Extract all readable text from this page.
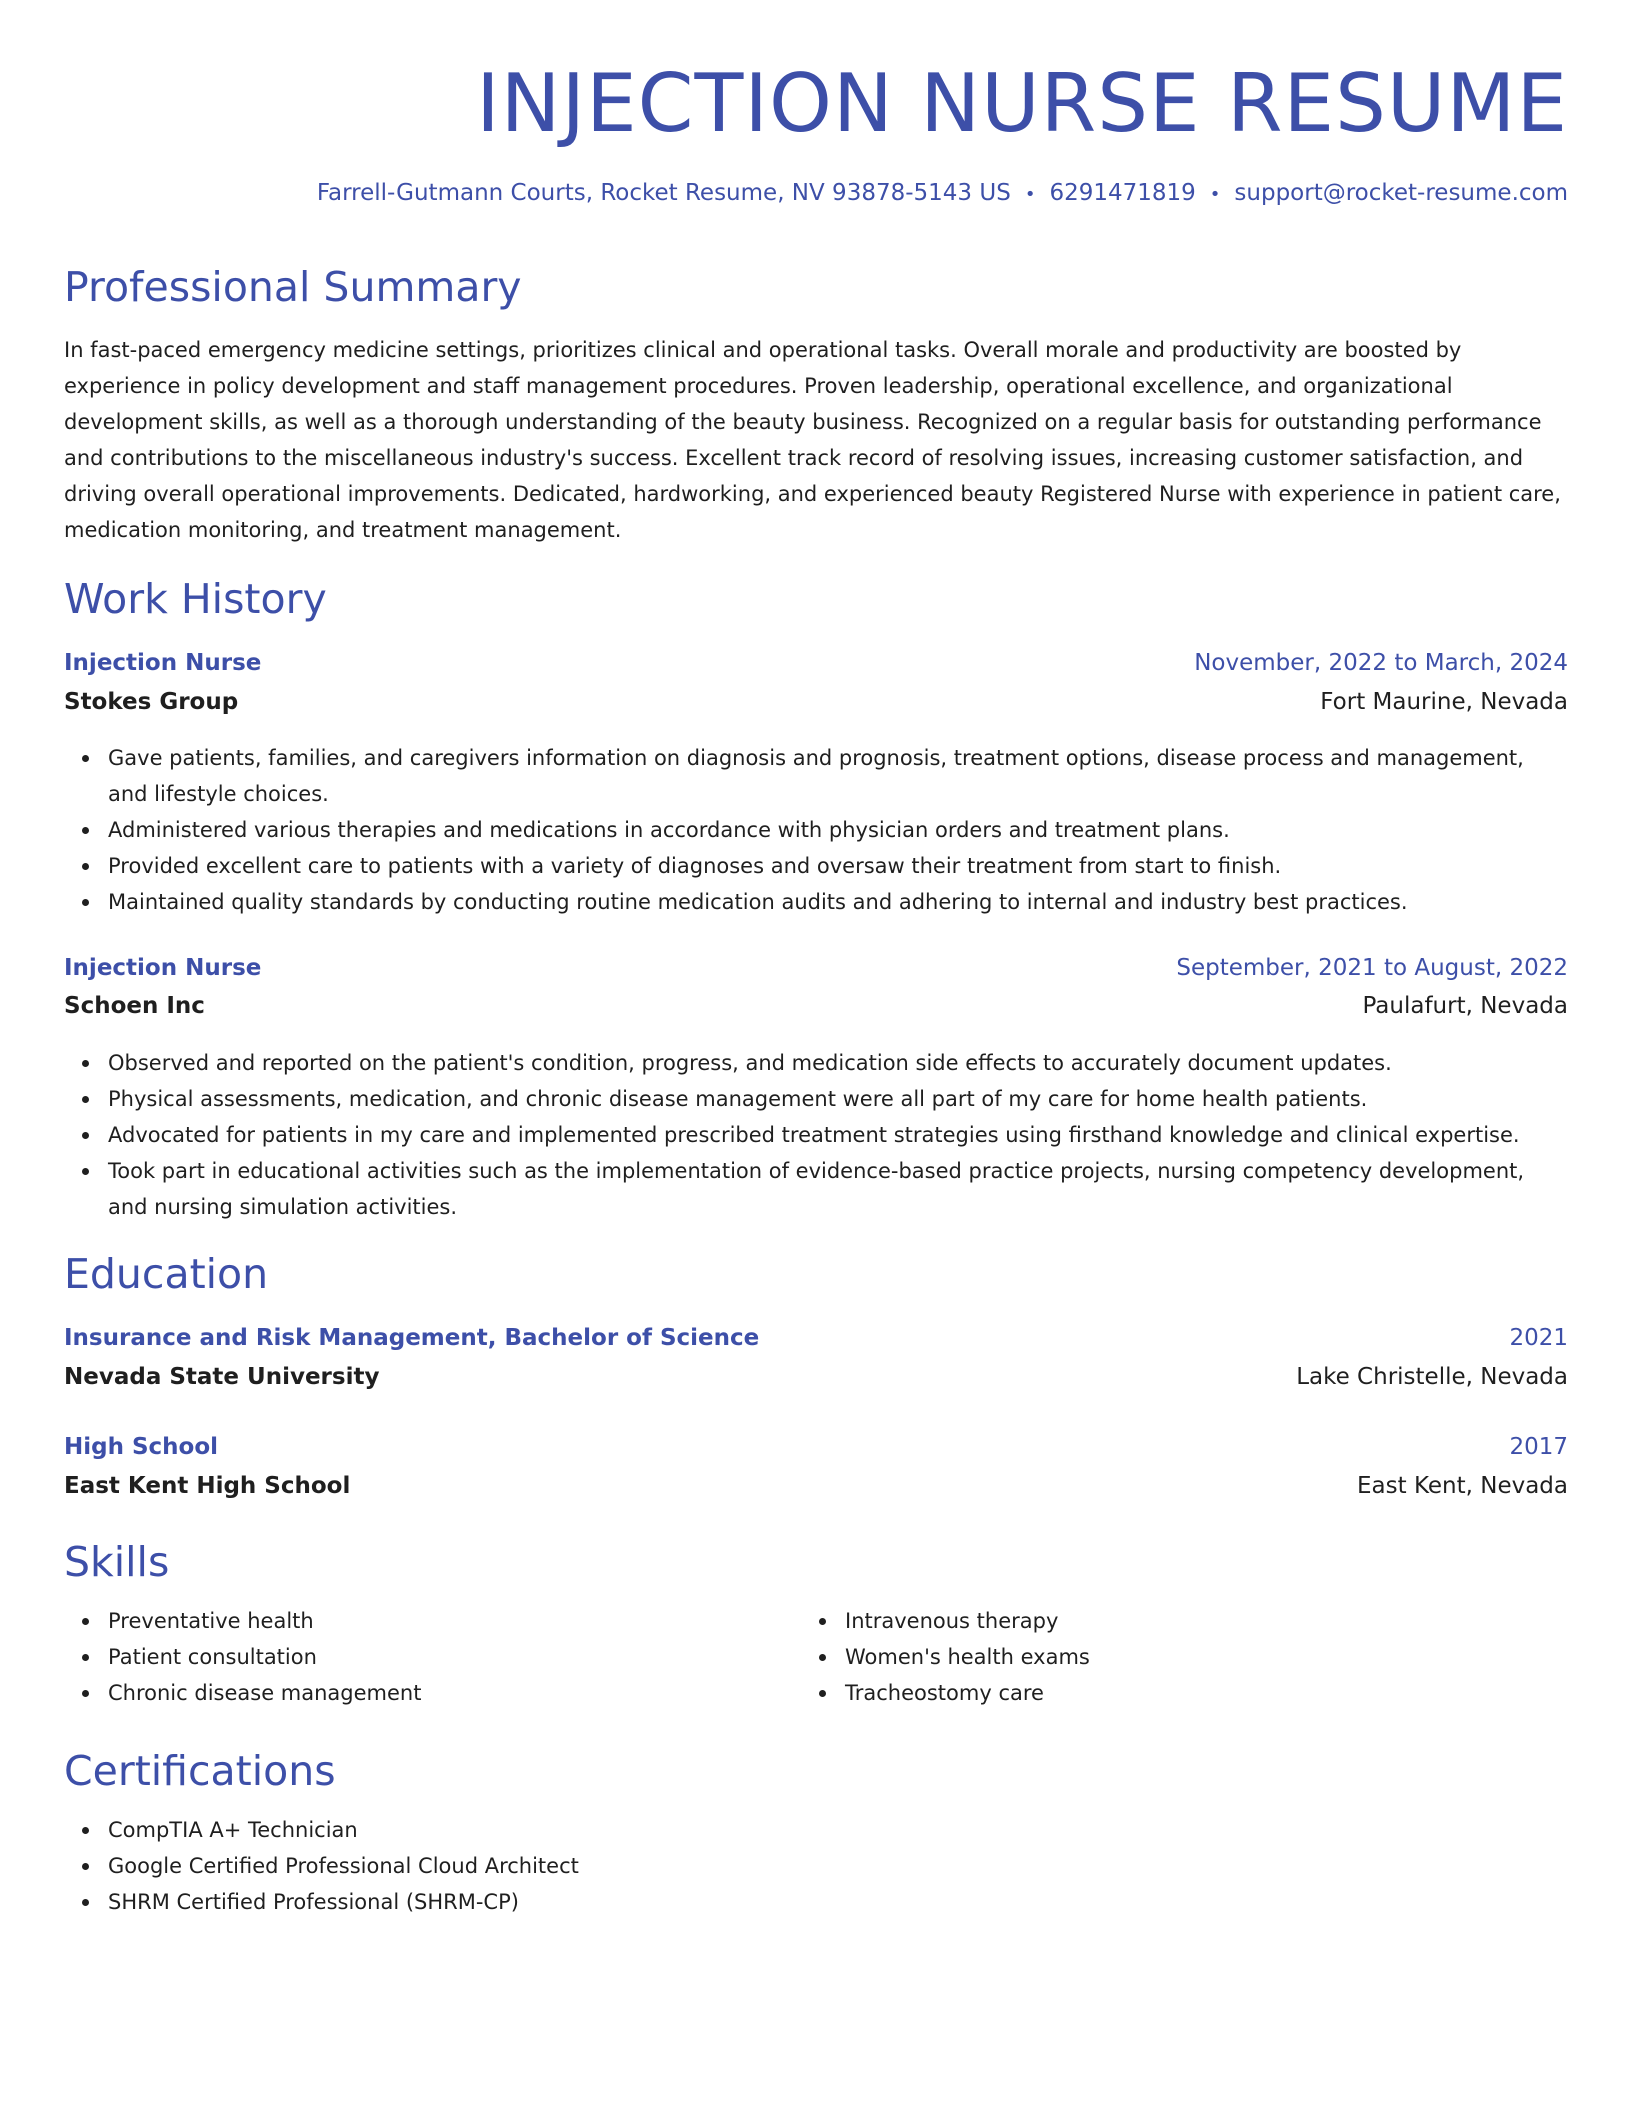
INJECTION NURSE RESUME
Farrell-Gutmann Courts, Rocket Resume, NV 93878-5143 US • 6291471819 • support@rocket-resume.com
Professional Summary

In fast-paced emergency medicine settings, prioritizes clinical and operational tasks. Overall morale and productivity are boosted by experience in policy development and staff management procedures. Proven leadership, operational excellence, and organizational development skills, as well as a thorough understanding of the beauty business. Recognized on a regular basis for outstanding performance and contributions to the miscellaneous industry's success. Excellent track record of resolving issues, increasing customer satisfaction, and driving overall operational improvements. Dedicated, hardworking, and experienced beauty Registered Nurse with experience in patient care, medication monitoring, and treatment management.

Work History
Injection Nurse	November, 2022 to March, 2024
Stokes Group	Fort Maurine, Nevada
Gave patients, families, and caregivers information on diagnosis and prognosis, treatment options, disease process and management, and lifestyle choices.
Administered various therapies and medications in accordance with physician orders and treatment plans.
Provided excellent care to patients with a variety of diagnoses and oversaw their treatment from start to finish.
Maintained quality standards by conducting routine medication audits and adhering to internal and industry best practices.
Injection Nurse	September, 2021 to August, 2022
Schoen Inc	Paulafurt, Nevada
Observed and reported on the patient's condition, progress, and medication side effects to accurately document updates.
Physical assessments, medication, and chronic disease management were all part of my care for home health patients.
Advocated for patients in my care and implemented prescribed treatment strategies using firsthand knowledge and clinical expertise.
Took part in educational activities such as the implementation of evidence-based practice projects, nursing competency development, and nursing simulation activities.
Education
Insurance and Risk Management, Bachelor of Science	2021
Nevada State University	Lake Christelle, Nevada
High School	2017
East Kent High School	East Kent, Nevada
Skills
Preventative health
Patient consultation
Chronic disease management
Intravenous therapy
Women's health exams
Tracheostomy care
Certifications
CompTIA A+ Technician
Google Certified Professional Cloud Architect
SHRM Certified Professional (SHRM-CP)
